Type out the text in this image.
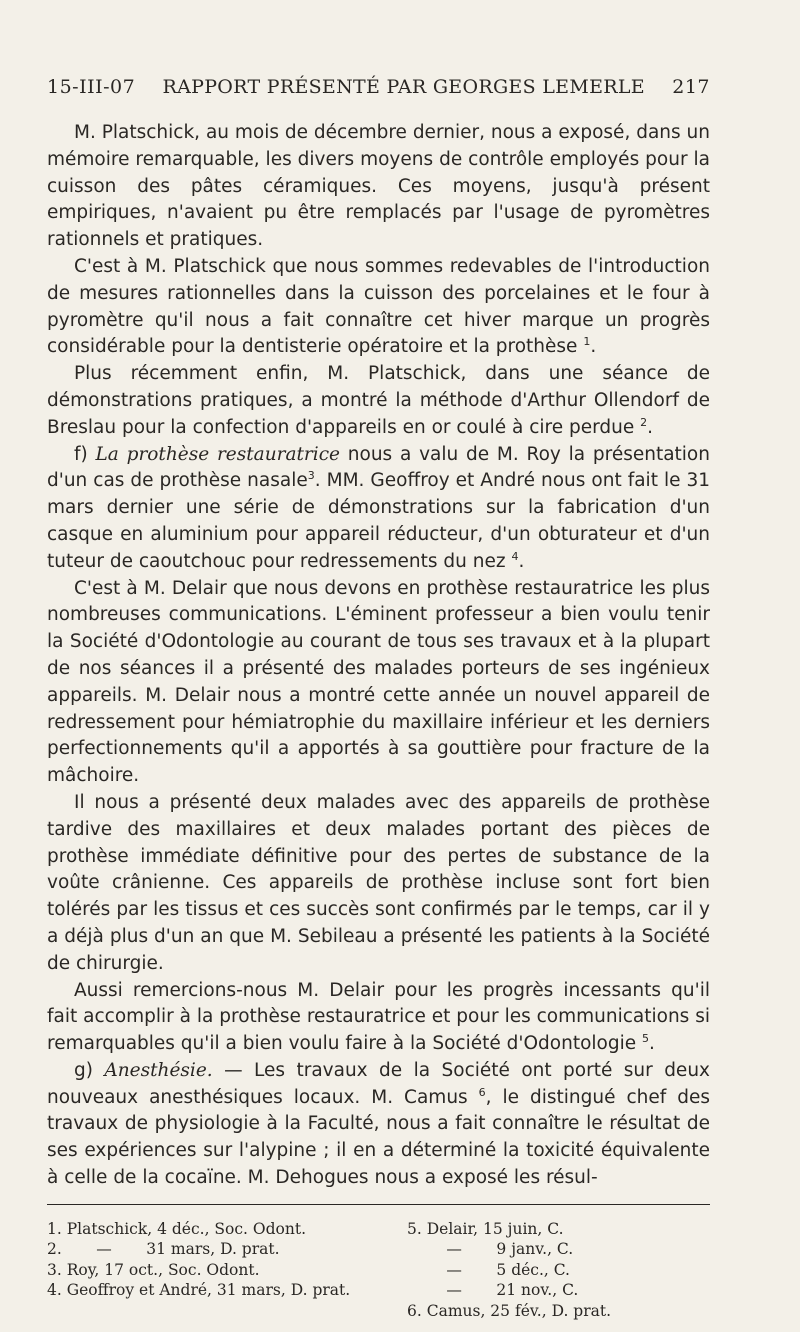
15-III-07	RAPPORT PRÉSENTÉ PAR GEORGES LEMERLE	217

M. Platschick, au mois de décembre dernier, nous a exposé, dans un mémoire remarquable, les divers moyens de contrôle employés pour la cuisson des pâtes céramiques. Ces moyens, jusqu'à présent empiriques, n'avaient pu être remplacés par l'usage de pyromètres rationnels et pratiques.

C'est à M. Platschick que nous sommes redevables de l'introduction de mesures rationnelles dans la cuisson des porcelaines et le four à pyromètre qu'il nous a fait connaître cet hiver marque un progrès considérable pour la dentisterie opératoire et la prothèse $^1$.

Plus récemment enfin, M. Platschick, dans une séance de démonstrations pratiques, a montré la méthode d'Arthur Ollendorf de Breslau pour la confection d'appareils en or coulé à cire perdue $^2$.

f) La prothèse restauratrice nous a valu de M. Roy la présentation d'un cas de prothèse nasale$^3$. MM. Geoffroy et André nous ont fait le 31 mars dernier une série de démonstrations sur la fabrication d'un casque en aluminium pour appareil réducteur, d'un obturateur et d'un tuteur de caoutchouc pour redressements du nez $^4$.

C'est à M. Delair que nous devons en prothèse restauratrice les plus nombreuses communications. L'éminent professeur a bien voulu tenir la Société d'Odontologie au courant de tous ses travaux et à la plupart de nos séances il a présenté des malades porteurs de ses ingénieux appareils. M. Delair nous a montré cette année un nouvel appareil de redressement pour hémiatrophie du maxillaire inférieur et les derniers perfectionnements qu'il a apportés à sa gouttière pour fracture de la mâchoire.

Il nous a présenté deux malades avec des appareils de prothèse tardive des maxillaires et deux malades portant des pièces de prothèse immédiate définitive pour des pertes de substance de la voûte crânienne. Ces appareils de prothèse incluse sont fort bien tolérés par les tissus et ces succès sont confirmés par le temps, car il y a déjà plus d'un an que M. Sebileau a présenté les patients à la Société de chirurgie.

Aussi remercions-nous M. Delair pour les progrès incessants qu'il fait accomplir à la prothèse restauratrice et pour les communications si remarquables qu'il a bien voulu faire à la Société d'Odontologie $^5$.

g) Anesthésie. — Les travaux de la Société ont porté sur deux nouveaux anesthésiques locaux. M. Camus $^6$, le distingué chef des travaux de physiologie à la Faculté, nous a fait connaître le résultat de ses expériences sur l'alypine ; il en a déterminé la toxicité équivalente à celle de la cocaïne. M. Dehogues nous a exposé les résul-

1. Platschick, 4 déc., Soc. Odont.
2.       —       31 mars, D. prat.
3. Roy, 17 oct., Soc. Odont.
4. Geoffroy et André, 31 mars, D. prat.
5. Delair, 15 juin, C.
—       9 janv., C.
—       5 déc., C.
—       21 nov., C.
6. Camus, 25 fév., D. prat.
